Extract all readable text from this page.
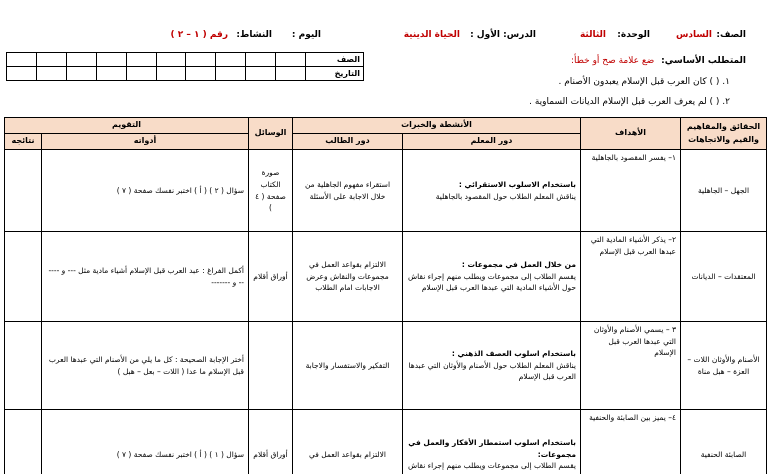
الصف:
السادس
الوحدة:
الثالثة
الدرس: الأول :
الحياة الدينية
اليوم :
النشاط:
رقم ( ١ – ٢ )
الصف										
التاريخ										
المتطلب الأساسي: ضع علامة صح أو خطأ:
١. ( ) كان العرب قبل الإسلام يعبدون الأصنام .
٢. ( ) لم يعرف العرب قبل الإسلام الديانات السماوية .
الحقائق والمفاهيم والقيم والاتجاهات	الأهداف	الأنشطة والخبرات		الوسائل	التقويم	
		دور المعلم	دور الطالب		أدواته	نتائجه
الجهل – الجاهلية	١– يفسر المقصود بالجاهلية	باستخدام الاسلوب الاستقرائي :
يناقش المعلم الطلاب حول المقصود بالجاهلية	استقراء مفهوم الجاهلية من خلال الاجابة على الأسئلة	صورة الكتاب صفحة ( ٤ )	سؤال ( ٢ ) ( أ ) اختبر نفسك صفحة ( ٧ )	
المعتقدات – الديانات	٢– يذكر الأشياء المادية التي عبدها العرب قبل الإسلام	من خلال العمل في مجموعات :
يقسم الطلاب إلى مجموعات ويطلب منهم إجراء نقاش حول الأشياء المادية التي عبدها العرب قبل الإسلام	الالتزام بقواعد العمل في مجموعات والنقاش وعرض الاجابات امام الطلاب	أوراق أقلام	أكمل الفراغ : عبد العرب قبل الإسلام أشياء مادية مثل --- و ------ و -------	
الأصنام والأوثان اللات – العزة – هبل مناة	٣ – يسمي الأصنام والأوثان التي عبدها العرب قبل الإسلام	باستخدام اسلوب العصف الذهني :
يناقش المعلم الطلاب حول الأصنام والأوثان التي عبدها العرب قبل الإسلام	التفكير والاستفسار والاجابة		أختر الإجابة الصحيحة : كل ما يلي من الأصنام التي عبدها العرب قبل الإسلام ما عدا ( اللات – بعل – هبل )	
الصابئة الحنفية	٤– يميز بين الصابئة والحنفية	باستخدام اسلوب استمطار الأفكار والعمل في مجموعات:
يقسم الطلاب إلى مجموعات ويطلب منهم إجراء نقاش	الالتزام بقواعد العمل في	أوراق أقلام	سؤال ( ١ ) ( أ ) اختبر نفسك صفحة ( ٧ )	
